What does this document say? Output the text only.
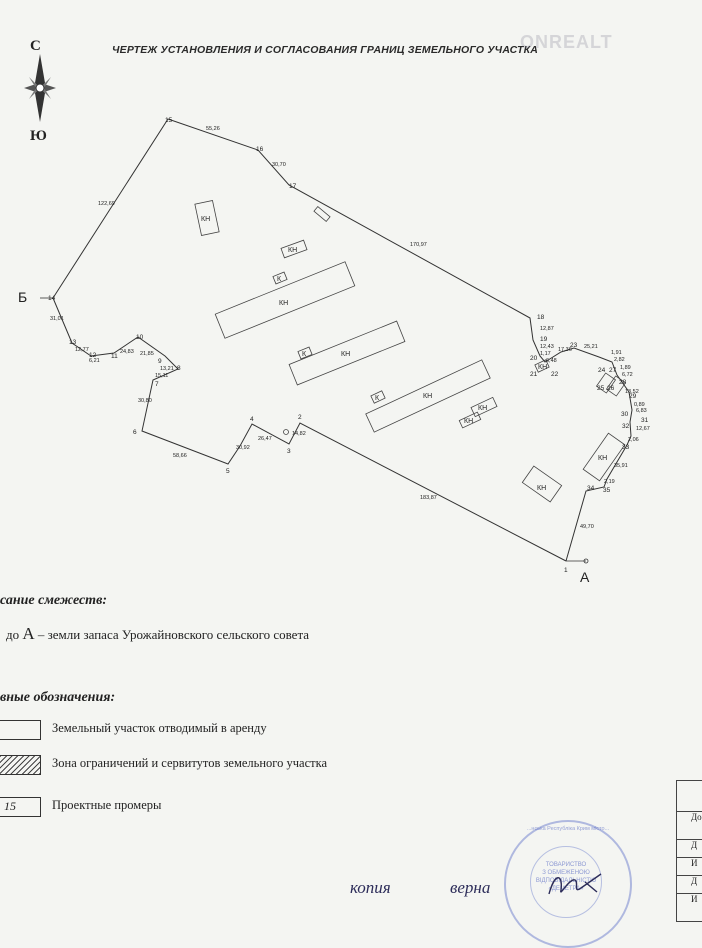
ЧЕРТЕЖ УСТАНОВЛЕНИЯ И СОГЛАСОВАНИЯ ГРАНИЦ ЗЕМЕЛЬНОГО УЧАСТКА
ONREALT
С
Ю
А
Б
КН
КН
КН
КН
КН
КН
КН
КН
КН
КН
К
К
К
1
2
3
4
5
6
7
8
9
10
11
12
13
14
15
16
17
18
19
20
21 22
23
24
25 26
27
28
29
30
31
32
33
34 35
183,87
14,82
26,47
30,92
58,66
30,80
15,11
13,21
21,85
24,83
6,21
12,77
31,01
122,69
55,26
30,70
170,97
12,87
12,43
1,17
6,48
17,36 25,21
1,91
2,82
1,89
6,72
13,52
0,89
6,83
12,67
2,06
35,91
2,19
49,70
сание смежеств:
до А – земли запаса Урожайновского сельского совета
вные обозначения:
Земельный участок отводимый в аренду
Зона ограничений и сервитутов земельного участка
15	Проектные промеры
...нська Республіка Крим місто...
ТОВАРИСТВО
З ОБМЕЖЕНОЮ
ВІДПОВІДАЛЬНІСТЮ
«ДЕМЕТРА»
До
Д
И
Д
И
копия	верна
